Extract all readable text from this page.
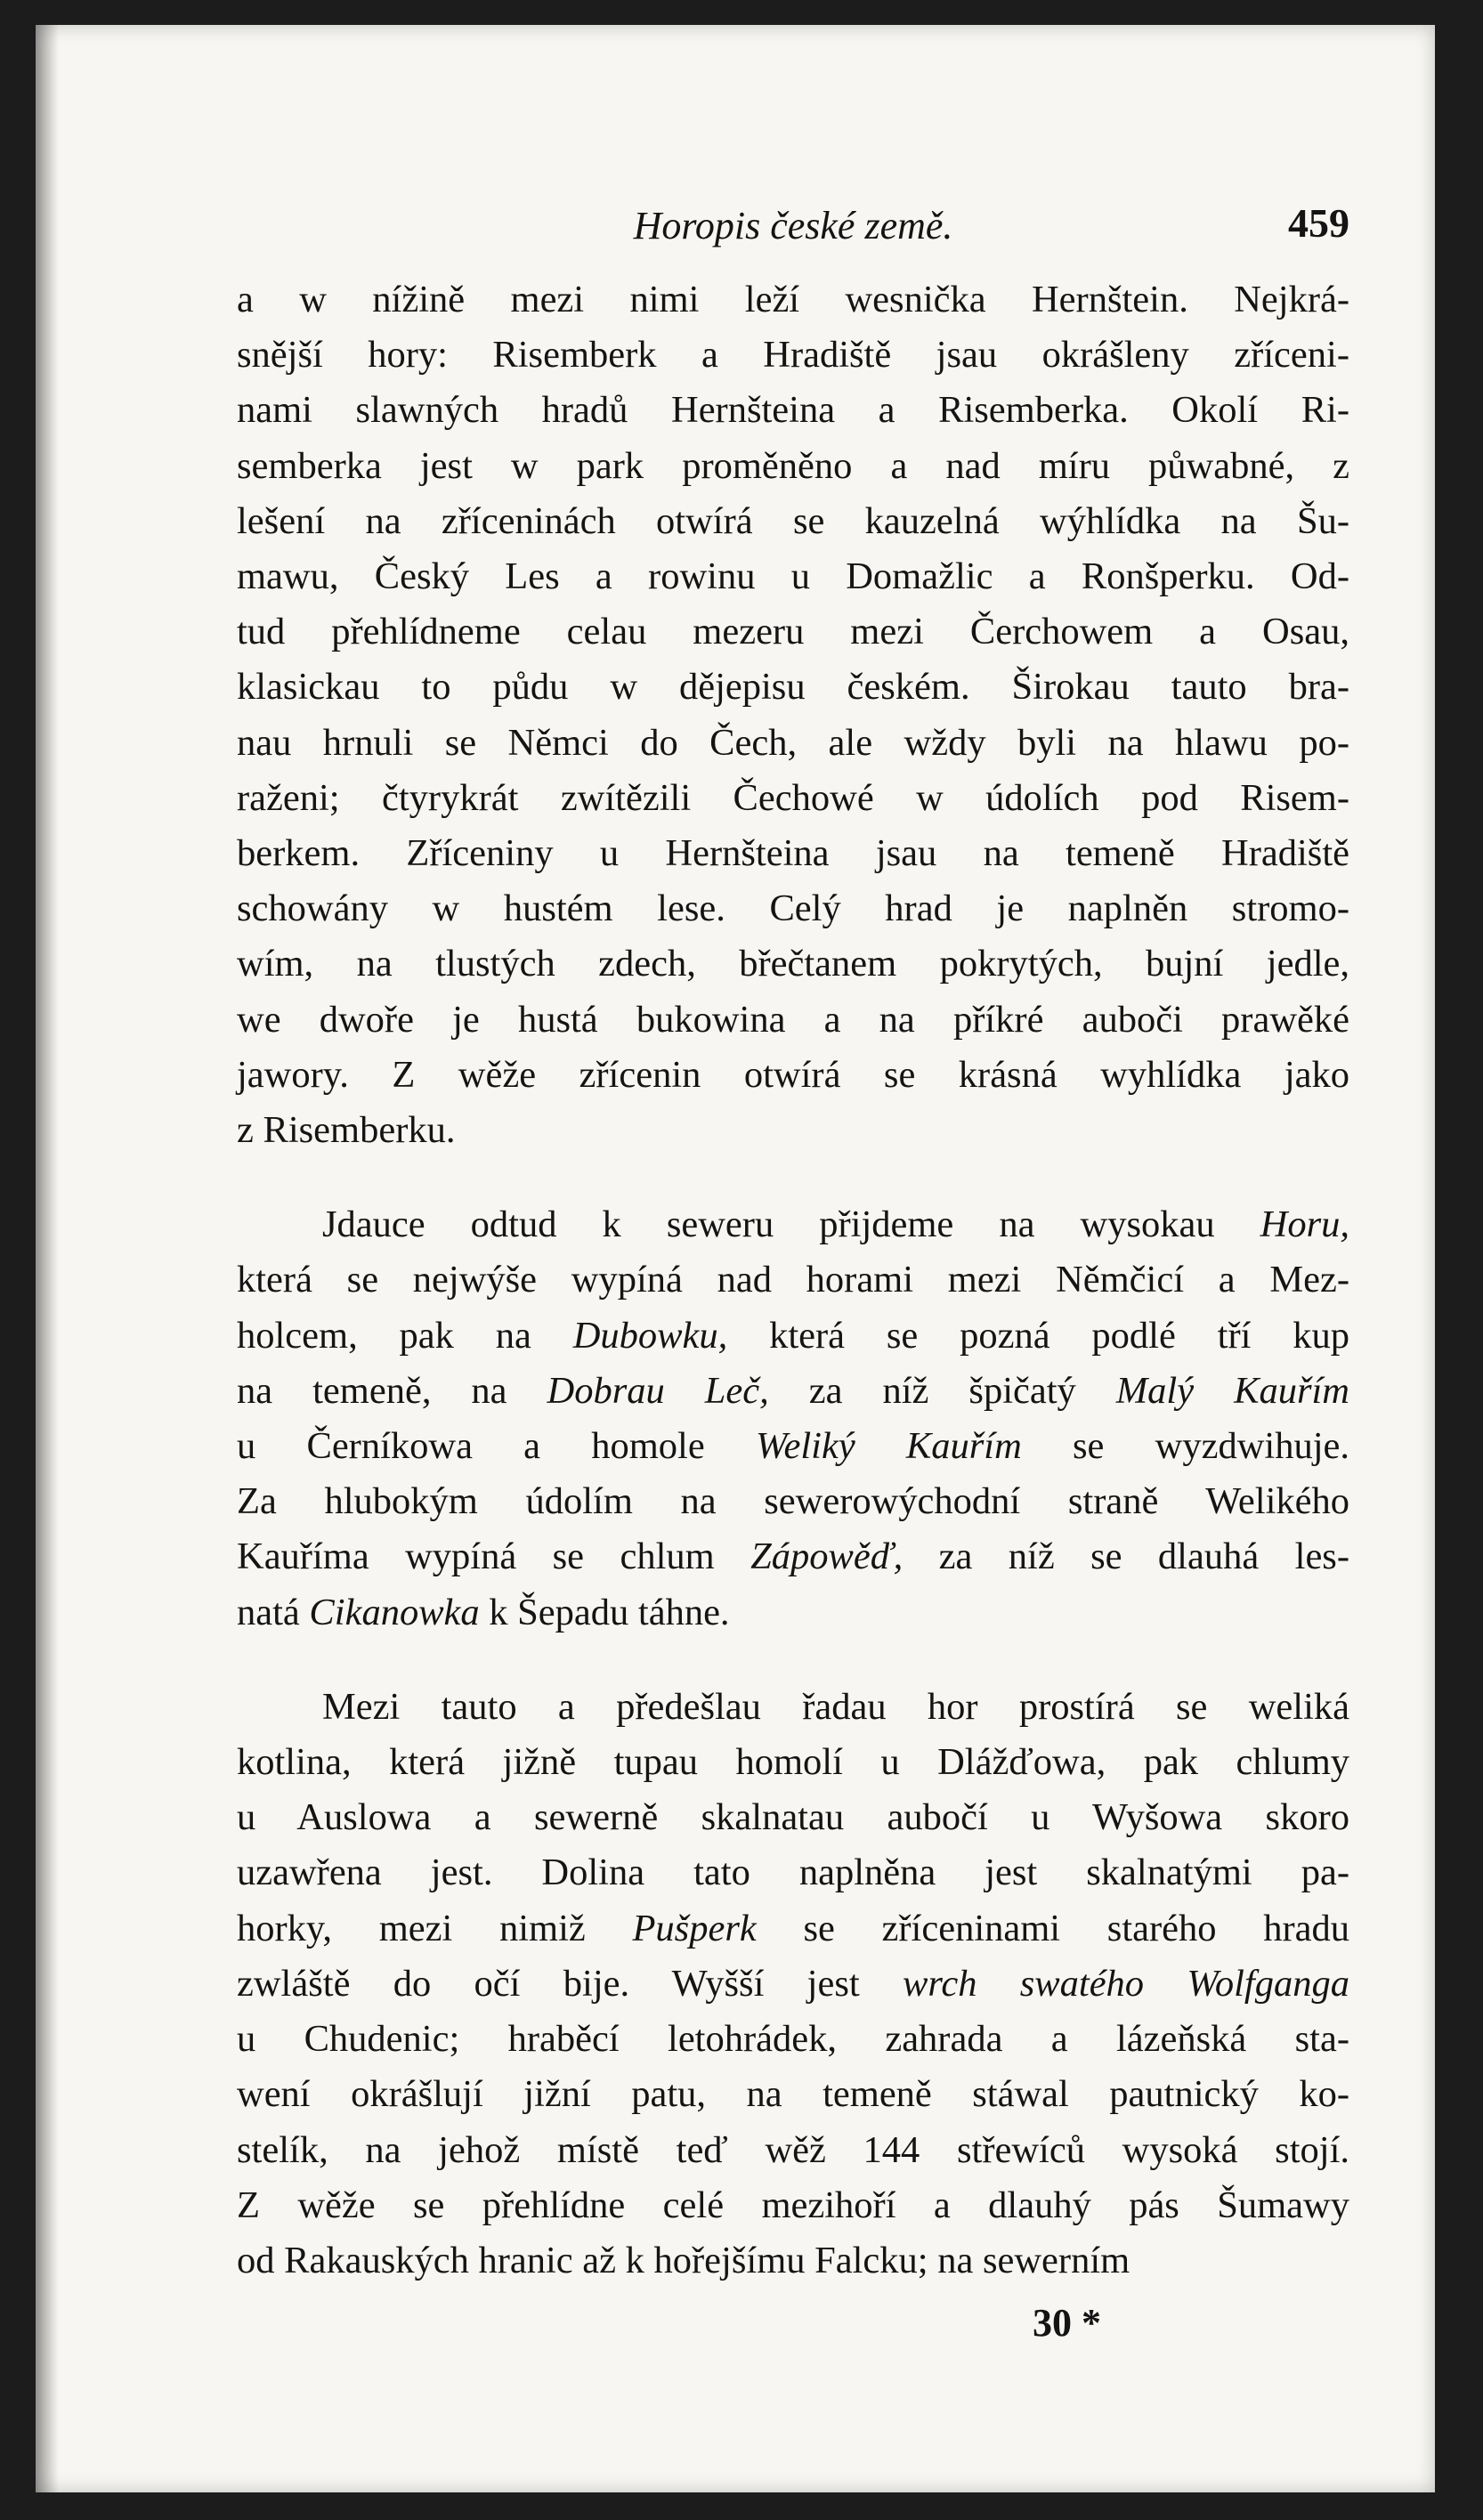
Horopis české země.	459
a w nížině mezi nimi leží wesnička Hernštein. Nejkrá-
snější hory: Risemberk a Hradiště jsau okrášleny zříceni-
nami slawných hradů Hernšteina a Risemberka. Okolí Ri-
semberka jest w park proměněno a nad míru půwabné, z
lešení na zříceninách otwírá se kauzelná wýhlídka na Šu-
mawu, Český Les a rowinu u Domažlic a Ronšperku. Od-
tud přehlídneme celau mezeru mezi Čerchowem a Osau,
klasickau to půdu w dějepisu českém. Širokau tauto bra-
nau hrnuli se Němci do Čech, ale wždy byli na hlawu po-
raženi; čtyrykrát zwítězili Čechowé w údolích pod Risem-
berkem. Zříceniny u Hernšteina jsau na temeně Hradiště
schowány w hustém lese. Celý hrad je naplněn stromo-
wím, na tlustých zdech, břečtanem pokrytých, bujní jedle,
we dwoře je hustá bukowina a na příkré auboči prawěké
jawory. Z wěže zřícenin otwírá se krásná wyhlídka jako
z Risemberku.
Jdauce odtud k seweru přijdeme na wysokau Horu,
která se nejwýše wypíná nad horami mezi Němčicí a Mez-
holcem, pak na Dubowku, která se pozná podlé tří kup
na temeně, na Dobrau Leč, za níž špičatý Malý Kauřím
u Černíkowa a homole Weliký Kauřím se wyzdwihuje.
Za hlubokým údolím na sewerowýchodní straně Welikého
Kauříma wypíná se chlum Zápowěď, za níž se dlauhá les-
natá Cikanowka k Šepadu táhne.
Mezi tauto a předešlau řadau hor prostírá se weliká
kotlina, která jižně tupau homolí u Dlážďowa, pak chlumy
u Auslowa a sewerně skalnatau aubočí u Wyšowa skoro
uzawřena jest. Dolina tato naplněna jest skalnatými pa-
horky, mezi nimiž Pušperk se zříceninami starého hradu
zwláště do očí bije. Wyšší jest wrch swatého Wolfganga
u Chudenic; hraběcí letohrádek, zahrada a lázeňská sta-
wení okrášlují jižní patu, na temeně stáwal pautnický ko-
stelík, na jehož místě teď wěž 144 střewíců wysoká stojí.
Z wěže se přehlídne celé mezihoří a dlauhý pás Šumawy
od Rakauských hranic až k hořejšímu Falcku; na sewerním
30 *
